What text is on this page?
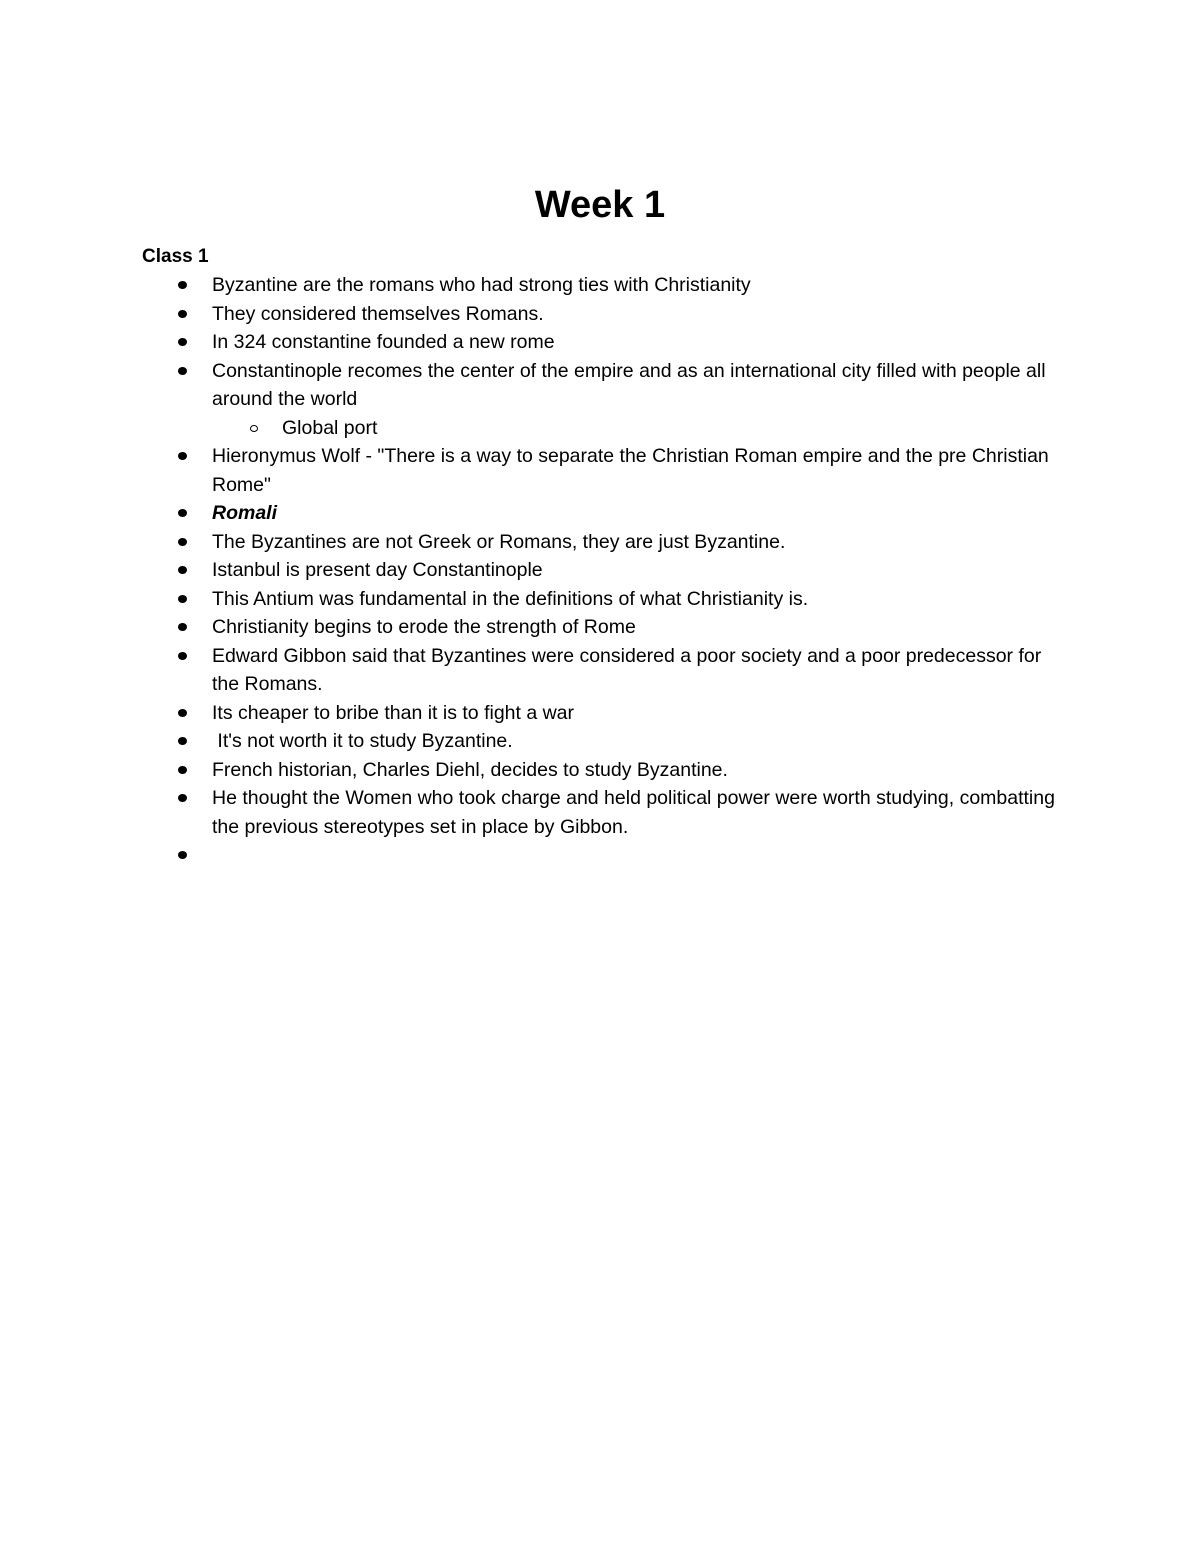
Week 1
Class 1
Byzantine are the romans who had strong ties with Christianity
They considered themselves Romans.
In 324 constantine founded a new rome
Constantinople recomes the center of the empire and as an international city filled with people all around the world
Global port
Hieronymus Wolf - "There is a way to separate the Christian Roman empire and the pre Christian Rome"
Romali
The Byzantines are not Greek or Romans, they are just Byzantine.
Istanbul is present day Constantinople
This Antium was fundamental in the definitions of what Christianity is.
Christianity begins to erode the strength of Rome
Edward Gibbon said that Byzantines were considered a poor society and a poor predecessor for the Romans.
Its cheaper to bribe than it is to fight a war
It's not worth it to study Byzantine.
French historian, Charles Diehl, decides to study Byzantine.
He thought the Women who took charge and held political power were worth studying, combatting the previous stereotypes set in place by Gibbon.
